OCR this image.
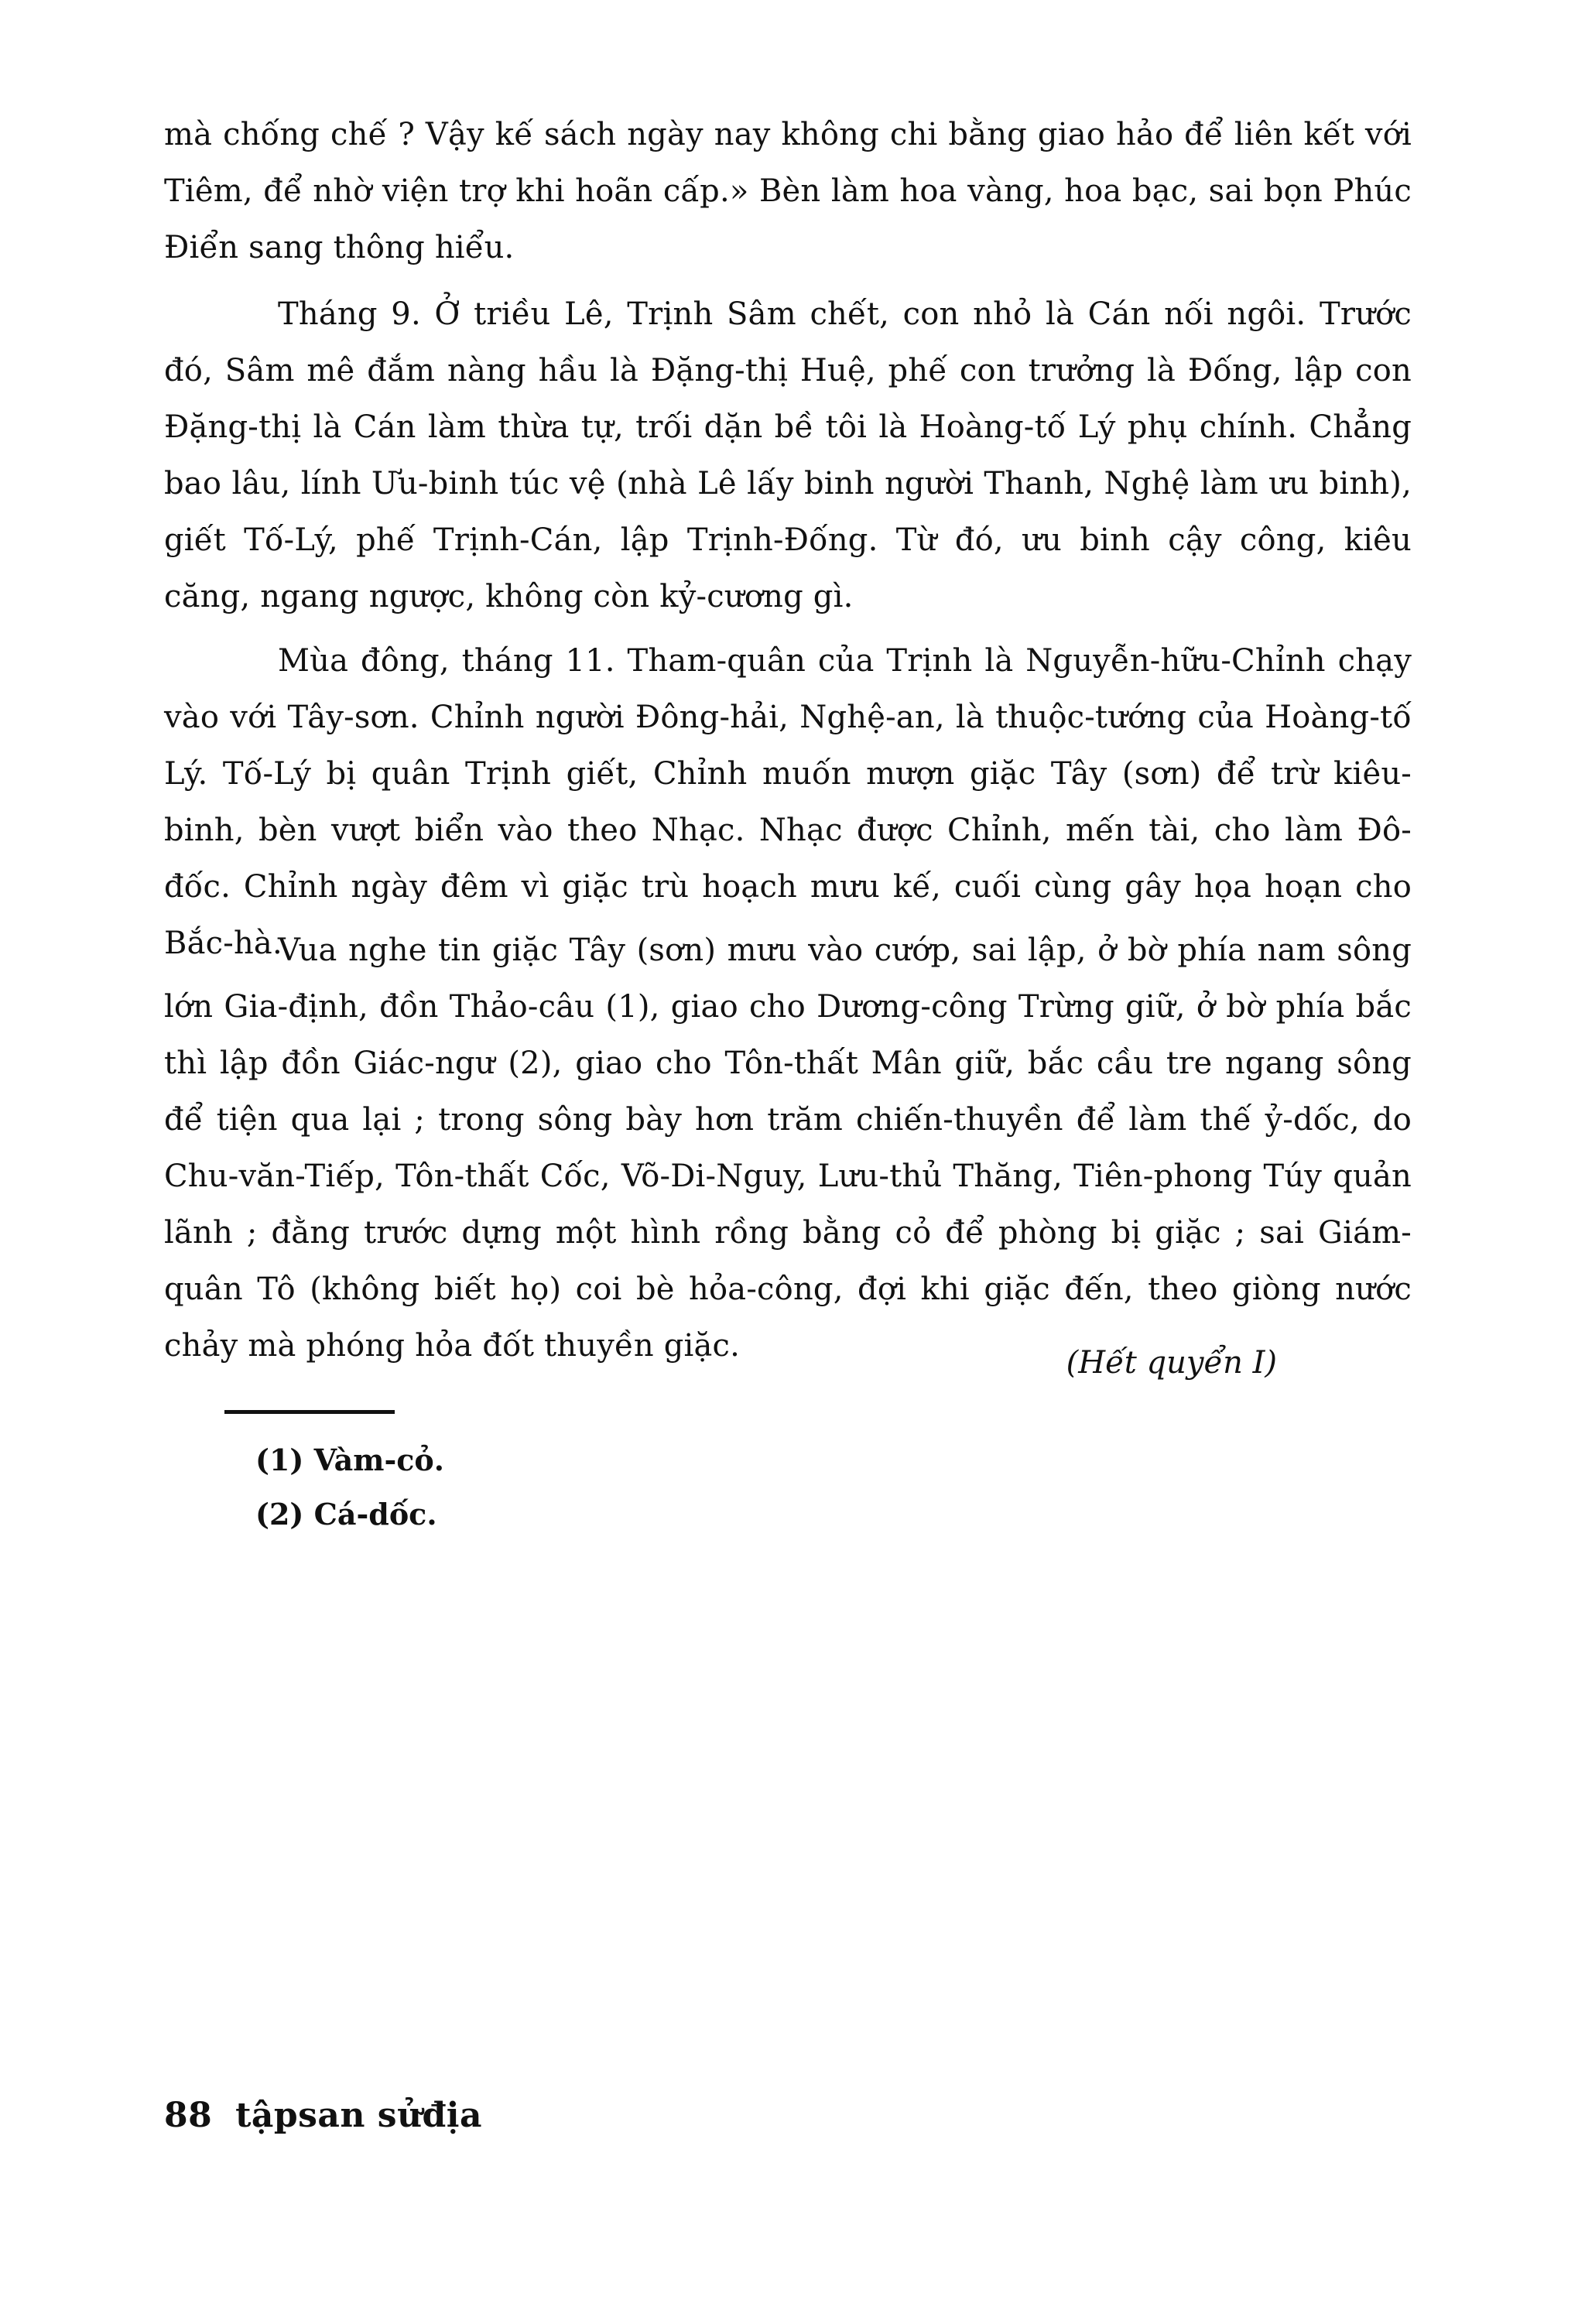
mà chống chế ? Vậy kế sách ngày nay không chi bằng giao hảo để liên kết với Tiêm, để nhờ viện trợ khi hoãn cấp.» Bèn làm hoa vàng, hoa bạc, sai bọn Phúc Điển sang thông hiểu.

Tháng 9. Ở triều Lê, Trịnh Sâm chết, con nhỏ là Cán nối ngôi. Trước đó, Sâm mê đắm nàng hầu là Đặng-thị Huệ, phế con trưởng là Đống, lập con Đặng-thị là Cán làm thừa tự, trối dặn bề tôi là Hoàng-tố Lý phụ chính. Chẳng bao lâu, lính Ưu-binh túc vệ (nhà Lê lấy binh người Thanh, Nghệ làm ưu binh), giết Tố-Lý, phế Trịnh-Cán, lập Trịnh-Đống. Từ đó, ưu binh cậy công, kiêu căng, ngang ngược, không còn kỷ-cương gì.

Mùa đông, tháng 11. Tham-quân của Trịnh là Nguyễn-hữu-Chỉnh chạy vào với Tây-sơn. Chỉnh người Đông-hải, Nghệ-an, là thuộc-tướng của Hoàng-tố Lý. Tố-Lý bị quân Trịnh giết, Chỉnh muốn mượn giặc Tây (sơn) để trừ kiêu-binh, bèn vượt biển vào theo Nhạc. Nhạc được Chỉnh, mến tài, cho làm Đô-đốc. Chỉnh ngày đêm vì giặc trù hoạch mưu kế, cuối cùng gây họa hoạn cho Bắc-hà.

Vua nghe tin giặc Tây (sơn) mưu vào cướp, sai lập, ở bờ phía nam sông lớn Gia-định, đồn Thảo-câu (1), giao cho Dương-công Trừng giữ, ở bờ phía bắc thì lập đồn Giác-ngư (2), giao cho Tôn-thất Mân giữ, bắc cầu tre ngang sông để tiện qua lại ; trong sông bày hơn trăm chiến-thuyền để làm thế ỷ-dốc, do Chu-văn-Tiếp, Tôn-thất Cốc, Võ-Di-Nguy, Lưu-thủ Thăng, Tiên-phong Túy quản lãnh ; đằng trước dựng một hình rồng bằng cỏ để phòng bị giặc ; sai Giám-quân Tô (không biết họ) coi bè hỏa-công, đợi khi giặc đến, theo giòng nước chảy mà phóng hỏa đốt thuyền giặc.	(Hết quyển I)
(1) Vàm-cỏ.
(2) Cá-dốc.
88 tậpsan sửđịa
